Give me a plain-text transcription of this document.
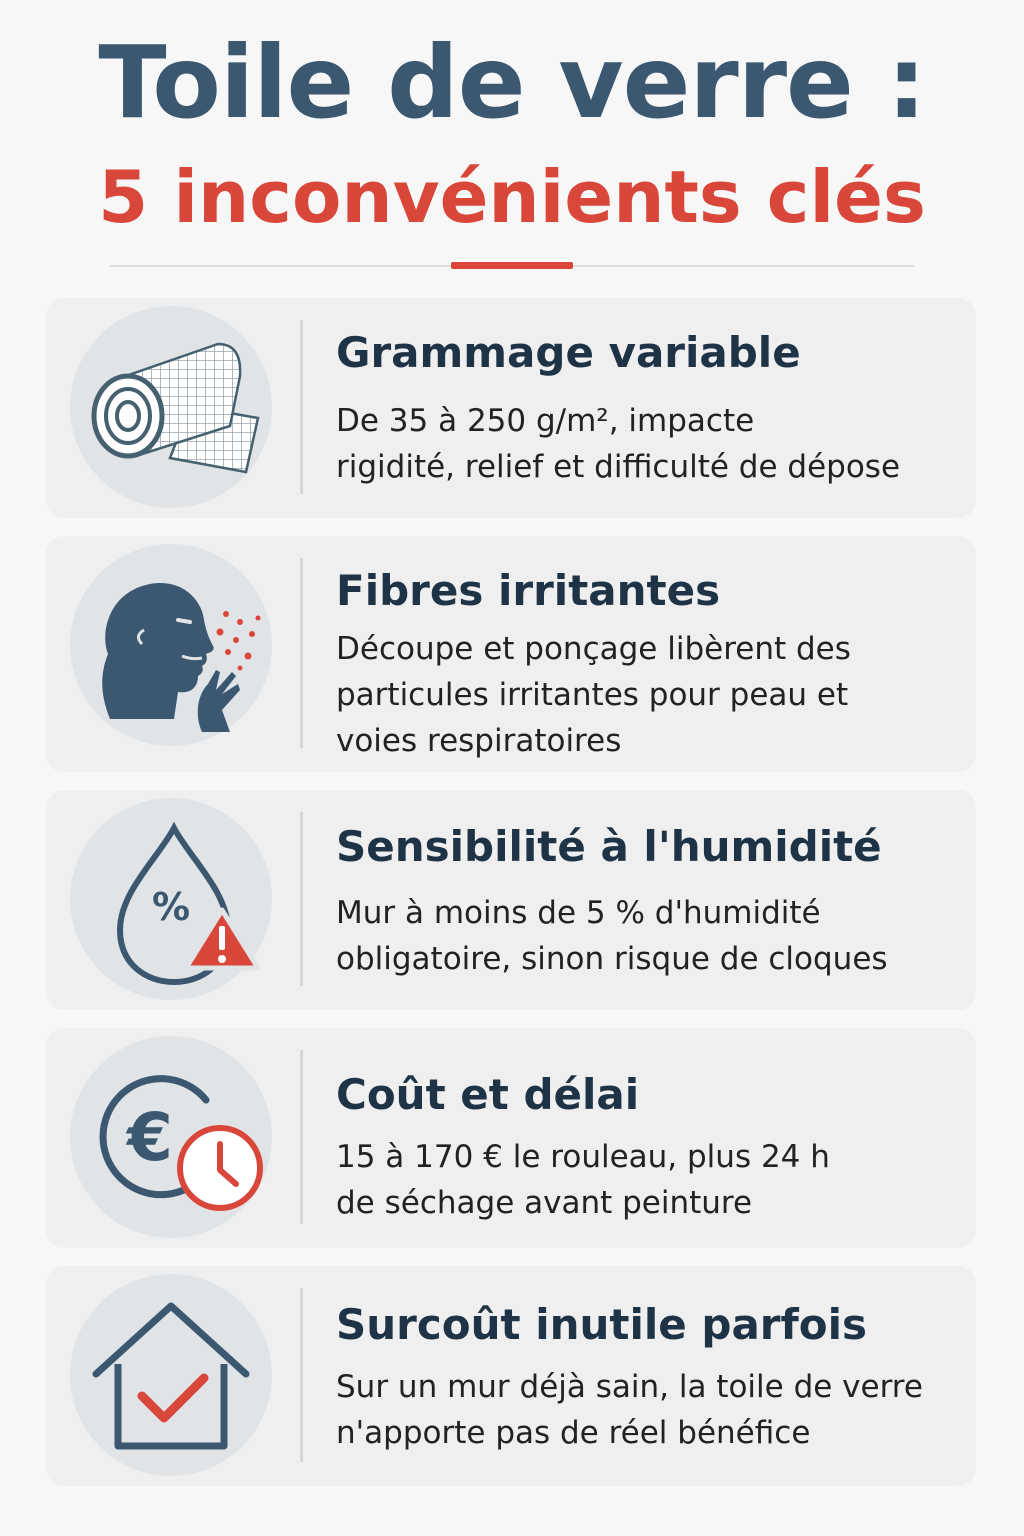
Toile de verre :
5 inconvénients clés
Grammage variable

De 35 à 250 g/m², impacte
rigidité, relief et difficulté de dépose

Fibres irritantes

Découpe et ponçage libèrent des
particules irritantes pour peau et
voies respiratoires

%
Sensibilité à l'humidité

Mur à moins de 5 % d'humidité
obligatoire, sinon risque de cloques

€
Coût et délai

15 à 170 € le rouleau, plus 24 h
de séchage avant peinture

Surcoût inutile parfois

Sur un mur déjà sain, la toile de verre
n'apporte pas de réel bénéfice
